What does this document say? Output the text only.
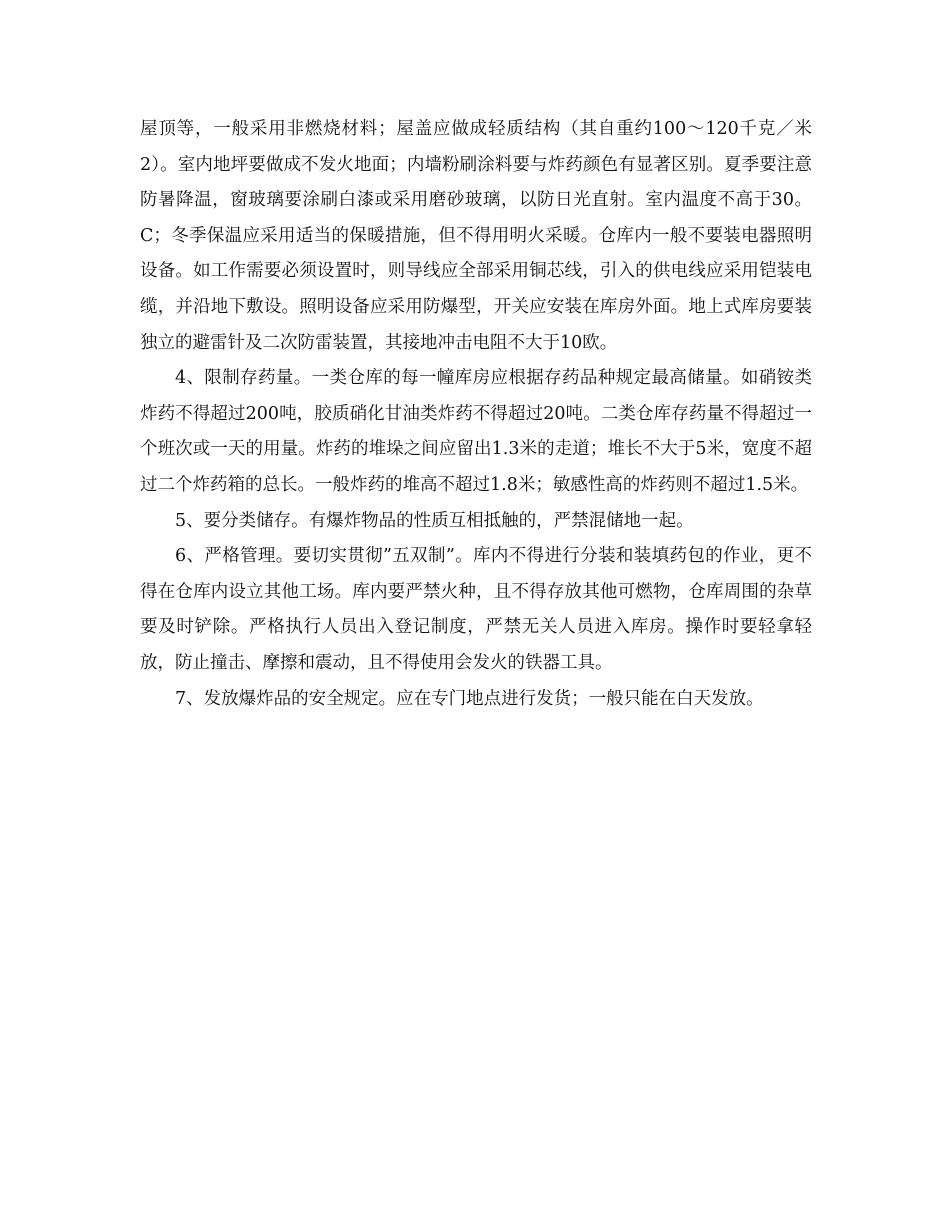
屋顶等，一般采用非燃烧材料；屋盖应做成轻质结构（其自重约100～120千克／米2）。室内地坪要做成不发火地面；内墙粉刷涂料要与炸药颜色有显著区别。夏季要注意防暑降温，窗玻璃要涂刷白漆或采用磨砂玻璃，以防日光直射。室内温度不高于30。C；冬季保温应采用适当的保暖措施，但不得用明火采暖。仓库内一般不要装电器照明设备。如工作需要必须设置时，则导线应全部采用铜芯线，引入的供电线应采用铠装电缆，并沿地下敷设。照明设备应采用防爆型，开关应安装在库房外面。地上式库房要装独立的避雷针及二次防雷装置，其接地冲击电阻不大于10欧。

4、限制存药量。一类仓库的每一幢库房应根据存药品种规定最高储量。如硝铵类炸药不得超过200吨，胶质硝化甘油类炸药不得超过20吨。二类仓库存药量不得超过一个班次或一天的用量。炸药的堆垛之间应留出1.3米的走道；堆长不大于5米，宽度不超过二个炸药箱的总长。一般炸药的堆高不超过1.8米；敏感性高的炸药则不超过1.5米。

5、要分类储存。有爆炸物品的性质互相抵触的，严禁混储地一起。

6、严格管理。要切实贯彻”五双制”。库内不得进行分装和装填药包的作业，更不得在仓库内设立其他工场。库内要严禁火种，且不得存放其他可燃物，仓库周围的杂草要及时铲除。严格执行人员出入登记制度，严禁无关人员进入库房。操作时要轻拿轻放，防止撞击、摩擦和震动，且不得使用会发火的铁器工具。

7、发放爆炸品的安全规定。应在专门地点进行发货；一般只能在白天发放。
